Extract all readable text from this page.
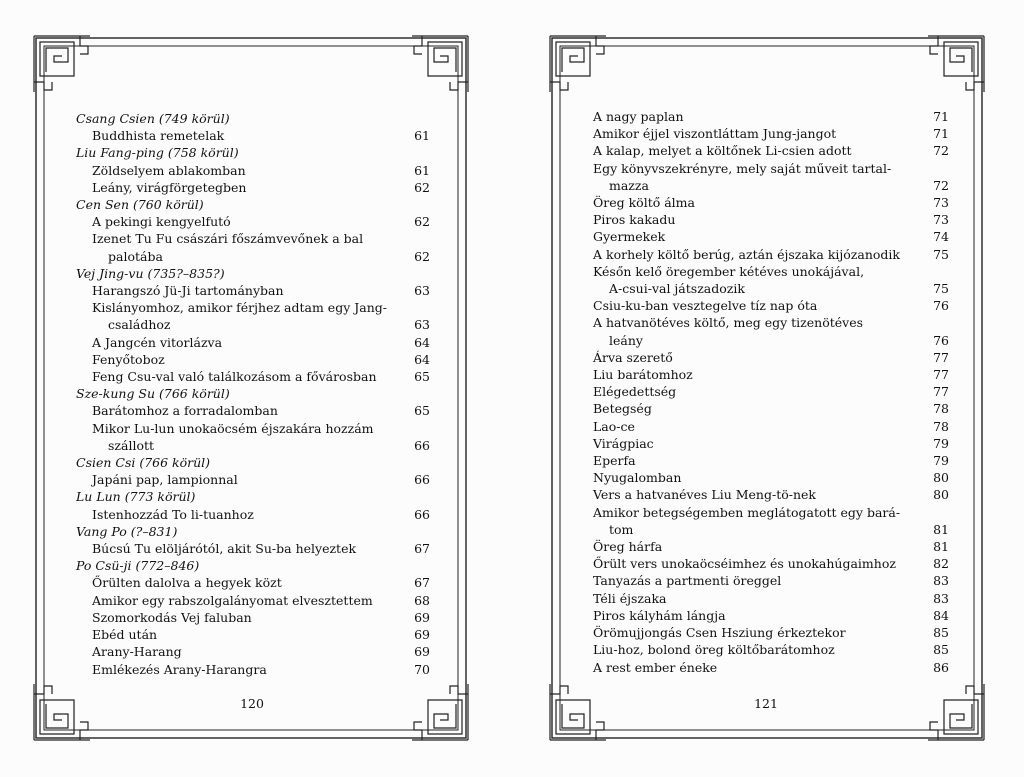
Csang Csien (749 körül)
Buddhista remetelak	61
Liu Fang-ping (758 körül)
Zöldselyem ablakomban	61
Leány, virágförgetegben	62
Cen Sen (760 körül)
A pekingi kengyelfutó	62
Izenet Tu Fu császári főszámvevőnek a bal
palotába	62
Vej Jing-vu (735?–835?)
Harangszó Jü-Ji tartományban	63
Kislányomhoz, amikor férjhez adtam egy Jang-
családhoz	63
A Jangcén vitorlázva	64
Fenyőtoboz	64
Feng Csu-val való találkozásom a fővárosban	65
Sze-kung Su (766 körül)
Barátomhoz a forradalomban	65
Mikor Lu-lun unokaöcsém éjszakára hozzám
szállott	66
Csien Csi (766 körül)
Japáni pap, lampionnal	66
Lu Lun (773 körül)
Istenhozzád To li-tuanhoz	66
Vang Po (?–831)
Búcsú Tu elöljárótól, akit Su-ba helyeztek	67
Po Csü-ji (772–846)
Őrülten dalolva a hegyek közt	67
Amikor egy rabszolgalányomat elvesztettem	68
Szomorkodás Vej faluban	69
Ebéd után	69
Arany-Harang	69
Emlékezés Arany-Harangra	70
120
A nagy paplan	71
Amikor éjjel viszontláttam Jung-jangot	71
A kalap, melyet a költőnek Li-csien adott	72
Egy könyvszekrényre, mely saját műveit tartal-
mazza	72
Öreg költő álma	73
Piros kakadu	73
Gyermekek	74
A korhely költő berúg, aztán éjszaka kijózanodik	75
Későn kelő öregember kétéves unokájával,
A-csui-val játszadozik	75
Csiu-ku-ban vesztegelve tíz nap óta	76
A hatvanötéves költő, meg egy tizenötéves
leány	76
Árva szerető	77
Liu barátomhoz	77
Elégedettség	77
Betegség	78
Lao-ce	78
Virágpiac	79
Eperfa	79
Nyugalomban	80
Vers a hatvanéves Liu Meng-tö-nek	80
Amikor betegségemben meglátogatott egy bará-
tom	81
Öreg hárfa	81
Őrült vers unokaöcséimhez és unokahúgaimhoz	82
Tanyazás a partmenti öreggel	83
Téli éjszaka	83
Piros kályhám lángja	84
Örömujjongás Csen Hsziung érkeztekor	85
Liu-hoz, bolond öreg költőbarátomhoz	85
A rest ember éneke	86
121
